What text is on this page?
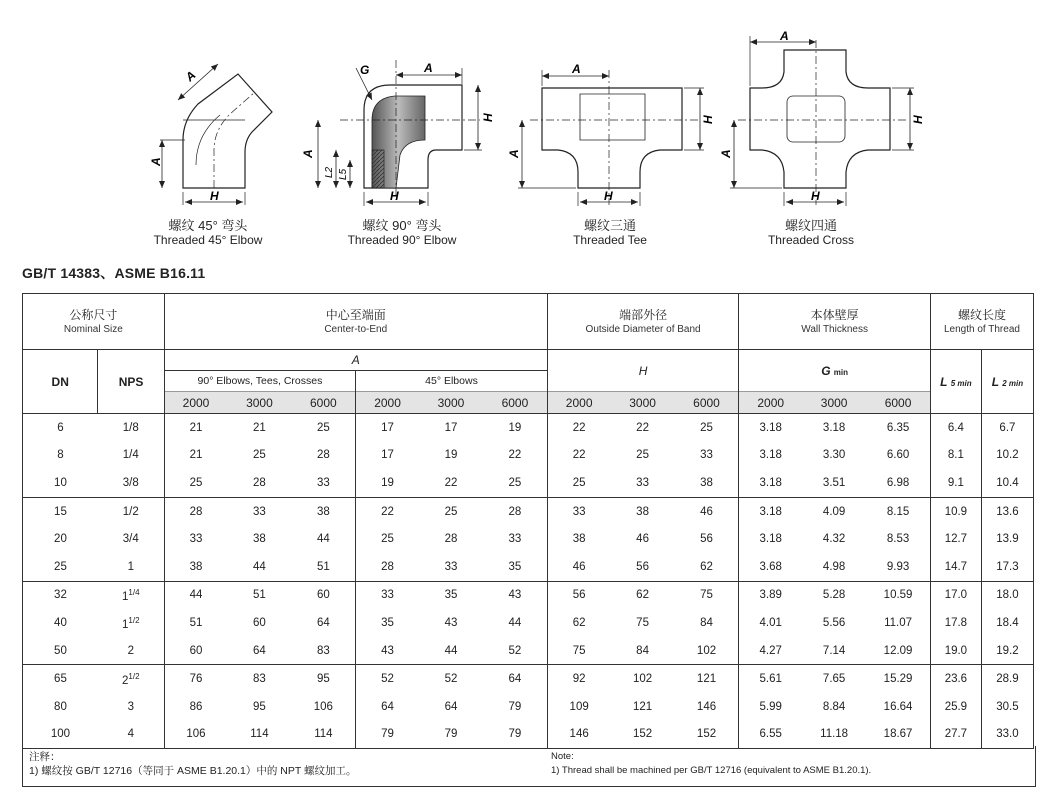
A
A
H
G	A
H
A
L2 L5
H
A
H
A
H
A
H
A
H
螺纹 45° 弯头
Threaded 45° Elbow
螺纹 90° 弯头
Threaded 90° Elbow
螺纹三通
Threaded Tee
螺纹四通
Threaded Cross
GB/T 14383、ASME B16.11
公称尺寸
Nominal Size		中心至端面
Center-to-End						端部外径
Outside Diameter of Band			本体壁厚
Wall Thickness			螺纹长度
Length of Thread	

DN	NPS	A						H			G min			L 5 min	L 2 min
		90° Elbows, Tees, Crosses			45° Elbows										
		2000	3000	6000	2000	3000	6000	2000	3000	6000	2000	3000	6000		
6	1/8	21	21	25	17	17	19	22	22	25	3.18	3.18	6.35	6.4	6.7
8	1/4	21	25	28	17	19	22	22	25	33	3.18	3.30	6.60	8.1	10.2
10	3/8	25	28	33	19	22	25	25	33	38	3.18	3.51	6.98	9.1	10.4
15	1/2	28	33	38	22	25	28	33	38	46	3.18	4.09	8.15	10.9	13.6
20	3/4	33	38	44	25	28	33	38	46	56	3.18	4.32	8.53	12.7	13.9
25	1	38	44	51	28	33	35	46	56	62	3.68	4.98	9.93	14.7	17.3
32	$1^{1/4}$	44	51	60	33	35	43	56	62	75	3.89	5.28	10.59	17.0	18.0
40	$1^{1/2}$	51	60	64	35	43	44	62	75	84	4.01	5.56	11.07	17.8	18.4
50	2	60	64	83	43	44	52	75	84	102	4.27	7.14	12.09	19.0	19.2
65	$2^{1/2}$	76	83	95	52	52	64	92	102	121	5.61	7.65	15.29	23.6	28.9
80	3	86	95	106	64	64	79	109	121	146	5.99	8.84	16.64	25.9	30.5
100	4	106	114	114	79	79	79	146	152	152	6.55	11.18	18.67	27.7	33.0
注释：
1) 螺纹按 GB/T 12716（等同于 ASME B1.20.1）中的 NPT 螺纹加工。
Note:
1) Thread shall be machined per GB/T 12716 (equivalent to ASME B1.20.1).
